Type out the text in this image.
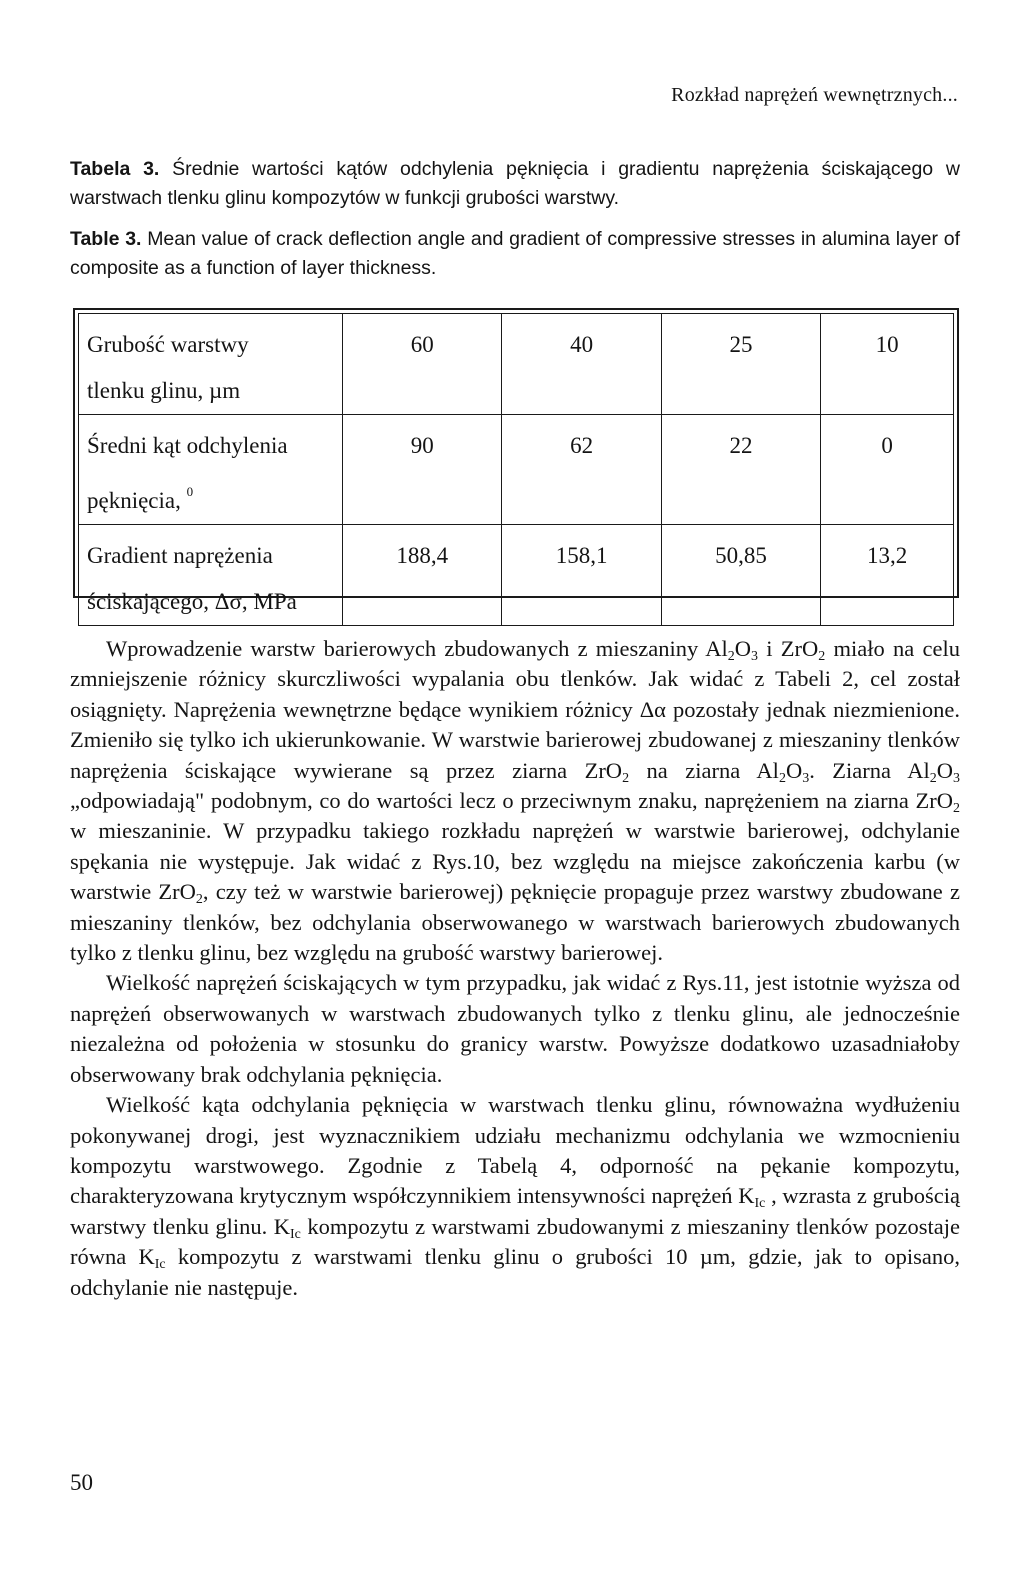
Rozkład naprężeń wewnętrznych...
Tabela 3. Średnie wartości kątów odchylenia pęknięcia i gradientu naprężenia ściskającego w warstwach tlenku glinu kompozytów w funkcji grubości warstwy.
Table 3. Mean value of crack deflection angle and gradient of compressive stresses in alumina layer of composite as a function of layer thickness.
Grubość warstwy
tlenku glinu, µm	60	40	25	10
Średni kąt odchylenia
pęknięcia, $^0$	90	62	22	0
Gradient naprężenia
ściskającego, Δσ, MPa	188,4	158,1	50,85	13,2

Wprowadzenie warstw barierowych zbudowanych z mieszaniny $Al_2O_3$ i ZrO$_2$ miało na celu zmniejszenie różnicy skurczliwości wypalania obu tlenków. Jak widać z Tabeli 2, cel został osiągnięty. Naprężenia wewnętrzne będące wynikiem różnicy Δα pozostały jednak niezmienione. Zmieniło się tylko ich ukierunkowanie. W warstwie barierowej zbudowanej z mieszaniny tlenków naprężenia ściskające wywierane są przez ziarna ZrO$_2$ na ziarna $Al_2O_3$. Ziarna $Al_2O_3$ „odpowiadają" podobnym, co do wartości lecz o przeciwnym znaku, naprężeniem na ziarna ZrO$_2$ w mieszaninie. W przypadku takiego rozkładu naprężeń w warstwie barierowej, odchylanie spękania nie występuje. Jak widać z Rys.10, bez względu na miejsce zakończenia karbu (w warstwie ZrO$_2$, czy też w warstwie barierowej) pęknięcie propaguje przez warstwy zbudowane z mieszaniny tlenków, bez odchylania obserwowanego w warstwach barierowych zbudowanych tylko z tlenku glinu, bez względu na grubość warstwy barierowej.

Wielkość naprężeń ściskających w tym przypadku, jak widać z Rys.11, jest istotnie wyższa od naprężeń obserwowanych w warstwach zbudowanych tylko z tlenku glinu, ale jednocześnie niezależna od położenia w stosunku do granicy warstw. Powyższe dodatkowo uzasadniałoby obserwowany brak odchylania pęknięcia.

Wielkość kąta odchylania pęknięcia w warstwach tlenku glinu, równoważna wydłużeniu pokonywanej drogi, jest wyznacznikiem udziału mechanizmu odchylania we wzmocnieniu kompozytu warstwowego. Zgodnie z Tabelą 4, odporność na pękanie kompozytu, charakteryzowana krytycznym współczynnikiem intensywności naprężeń $K_{Ic}$ , wzrasta z grubością warstwy tlenku glinu. $K_{Ic}$ kompozytu z warstwami zbudowanymi z mieszaniny tlenków pozostaje równa $K_{Ic}$ kompozytu z warstwami tlenku glinu o grubości 10 µm, gdzie, jak to opisano, odchylanie nie następuje.

50
